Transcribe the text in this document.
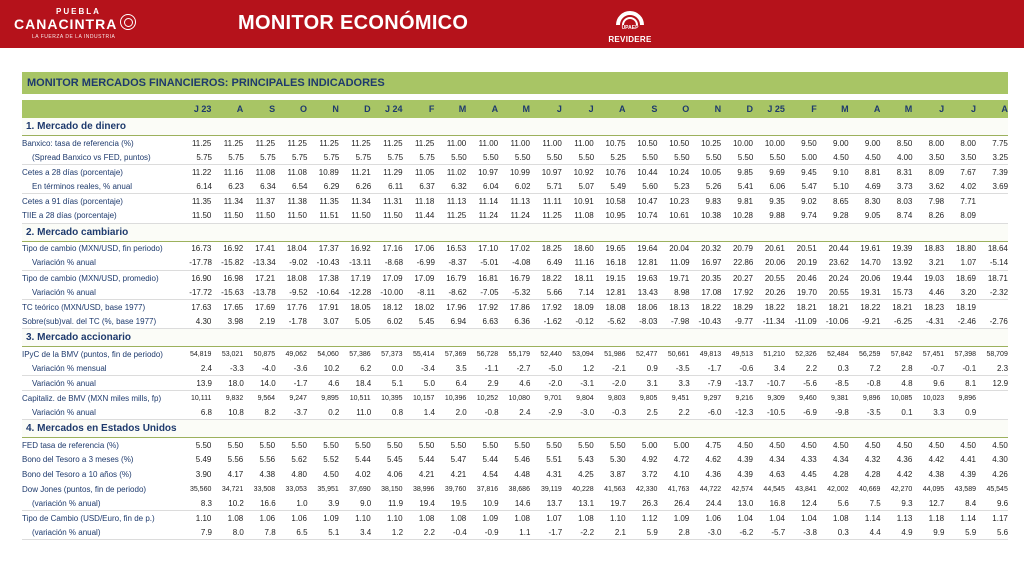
PUEBLA
CANACINTRA
LA FUERZA DE LA INDUSTRIA
MONITOR ECONÓMICO	UPAEP
REVIDERE
MONITOR MERCADOS FINANCIEROS: PRINCIPALES INDICADORES
J 23	A	S	O	N	D	J 24	F	M	A	M	J	J	A	S	O	N	D	J 25	F	M	A	M	J	J	A
1. Mercado de dinero
Banxico: tasa de referencia (%)	11.25	11.25	11.25	11.25	11.25	11.25	11.25	11.25	11.00	11.00	11.00	11.00	11.00	10.75	10.50	10.50	10.25	10.00	10.00	9.50	9.00	9.00	8.50	8.00	8.00	7.75
(Spread Banxico vs FED, puntos)	5.75	5.75	5.75	5.75	5.75	5.75	5.75	5.75	5.50	5.50	5.50	5.50	5.50	5.25	5.50	5.50	5.50	5.50	5.50	5.00	4.50	4.50	4.00	3.50	3.50	3.25
Cetes a 28 días (porcentaje)	11.22	11.16	11.08	11.08	10.89	11.21	11.29	11.05	11.02	10.97	10.99	10.97	10.92	10.76	10.44	10.24	10.05	9.85	9.69	9.45	9.10	8.81	8.31	8.09	7.67	7.39
En términos reales, % anual	6.14	6.23	6.34	6.54	6.29	6.26	6.11	6.37	6.32	6.04	6.02	5.71	5.07	5.49	5.60	5.23	5.26	5.41	6.06	5.47	5.10	4.69	3.73	3.62	4.02	3.69
Cetes a 91 días (porcentaje)	11.35	11.34	11.37	11.38	11.35	11.34	11.31	11.18	11.13	11.14	11.13	11.11	10.91	10.58	10.47	10.23	9.83	9.81	9.35	9.02	8.65	8.30	8.03	7.98	7.71
TIIE a 28 días (porcentaje)	11.50	11.50	11.50	11.50	11.51	11.50	11.50	11.44	11.25	11.24	11.24	11.25	11.08	10.95	10.74	10.61	10.38	10.28	9.88	9.74	9.28	9.05	8.74	8.26	8.09
2. Mercado cambiario
Tipo de cambio (MXN/USD, fin periodo)	16.73	16.92	17.41	18.04	17.37	16.92	17.16	17.06	16.53	17.10	17.02	18.25	18.60	19.65	19.64	20.04	20.32	20.79	20.61	20.51	20.44	19.61	19.39	18.83	18.80	18.64
Variación % anual	-17.78	-15.82	-13.34	-9.02	-10.43	-13.11	-8.68	-6.99	-8.37	-5.01	-4.08	6.49	11.16	16.18	12.81	11.09	16.97	22.86	20.06	20.19	23.62	14.70	13.92	3.21	1.07	-5.14
Tipo de cambio (MXN/USD, promedio)	16.90	16.98	17.21	18.08	17.38	17.19	17.09	17.09	16.79	16.81	16.79	18.22	18.11	19.15	19.63	19.71	20.35	20.27	20.55	20.46	20.24	20.06	19.44	19.03	18.69	18.71
Variación % anual	-17.72	-15.63	-13.78	-9.52	-10.64	-12.28	-10.00	-8.11	-8.62	-7.05	-5.32	5.66	7.14	12.81	13.43	8.98	17.08	17.92	20.26	19.70	20.55	19.31	15.73	4.46	3.20	-2.32
TC teórico (MXN/USD, base 1977)	17.63	17.65	17.69	17.76	17.91	18.05	18.12	18.02	17.96	17.92	17.86	17.92	18.09	18.08	18.06	18.13	18.22	18.29	18.22	18.21	18.21	18.22	18.21	18.23	18.19
Sobre(sub)val. del TC (%, base 1977)	4.30	3.98	2.19	-1.78	3.07	5.05	6.02	5.45	6.94	6.63	6.36	-1.62	-0.12	-5.62	-8.03	-7.98	-10.43	-9.77	-11.34	-11.09	-10.06	-9.21	-6.25	-4.31	-2.46	-2.76
3. Mercado accionario
IPyC de la BMV (puntos, fin de periodo)	54,819	53,021	50,875	49,062	54,060	57,386	57,373	55,414	57,369	56,728	55,179	52,440	53,094	51,986	52,477	50,661	49,813	49,513	51,210	52,326	52,484	56,259	57,842	57,451	57,398	58,709
Variación % mensual	2.4	-3.3	-4.0	-3.6	10.2	6.2	0.0	-3.4	3.5	-1.1	-2.7	-5.0	1.2	-2.1	0.9	-3.5	-1.7	-0.6	3.4	2.2	0.3	7.2	2.8	-0.7	-0.1	2.3
Variación % anual	13.9	18.0	14.0	-1.7	4.6	18.4	5.1	5.0	6.4	2.9	4.6	-2.0	-3.1	-2.0	3.1	3.3	-7.9	-13.7	-10.7	-5.6	-8.5	-0.8	4.8	9.6	8.1	12.9
Capitaliz. de BMV (MXN miles mills, fp)	10,111	9,832	9,564	9,247	9,895	10,511	10,395	10,157	10,396	10,252	10,080	9,701	9,804	9,803	9,805	9,451	9,297	9,216	9,309	9,460	9,381	9,896	10,085	10,023	9,896
Variación % anual	6.8	10.8	8.2	-3.7	0.2	11.0	0.8	1.4	2.0	-0.8	2.4	-2.9	-3.0	-0.3	2.5	2.2	-6.0	-12.3	-10.5	-6.9	-9.8	-3.5	0.1	3.3	0.9
4. Mercados en Estados Unidos
FED tasa de referencia (%)	5.50	5.50	5.50	5.50	5.50	5.50	5.50	5.50	5.50	5.50	5.50	5.50	5.50	5.50	5.00	5.00	4.75	4.50	4.50	4.50	4.50	4.50	4.50	4.50	4.50	4.50
Bono del Tesoro a 3 meses (%)	5.49	5.56	5.56	5.62	5.52	5.44	5.45	5.44	5.47	5.44	5.46	5.51	5.43	5.30	4.92	4.72	4.62	4.39	4.34	4.33	4.34	4.32	4.36	4.42	4.41	4.30
Bono del Tesoro a 10 años (%)	3.90	4.17	4.38	4.80	4.50	4.02	4.06	4.21	4.21	4.54	4.48	4.31	4.25	3.87	3.72	4.10	4.36	4.39	4.63	4.45	4.28	4.28	4.42	4.38	4.39	4.26
Dow Jones (puntos, fin de periodo)	35,560	34,721	33,508	33,053	35,951	37,690	38,150	38,996	39,760	37,816	38,686	39,119	40,228	41,563	42,330	41,763	44,722	42,574	44,545	43,841	42,002	40,669	42,270	44,095	43,589	45,545
(variación % anual)	8.3	10.2	16.6	1.0	3.9	9.0	11.9	19.4	19.5	10.9	14.6	13.7	13.1	19.7	26.3	26.4	24.4	13.0	16.8	12.4	5.6	7.5	9.3	12.7	8.4	9.6
Tipo de Cambio (USD/Euro, fin de p.)	1.10	1.08	1.06	1.06	1.09	1.10	1.10	1.08	1.08	1.09	1.08	1.07	1.08	1.10	1.12	1.09	1.06	1.04	1.04	1.04	1.08	1.14	1.13	1.18	1.14	1.17
(variación % anual)	7.9	8.0	7.8	6.5	5.1	3.4	1.2	2.2	-0.4	-0.9	1.1	-1.7	-2.2	2.1	5.9	2.8	-3.0	-6.2	-5.7	-3.8	0.3	4.4	4.9	9.9	5.9	5.6
